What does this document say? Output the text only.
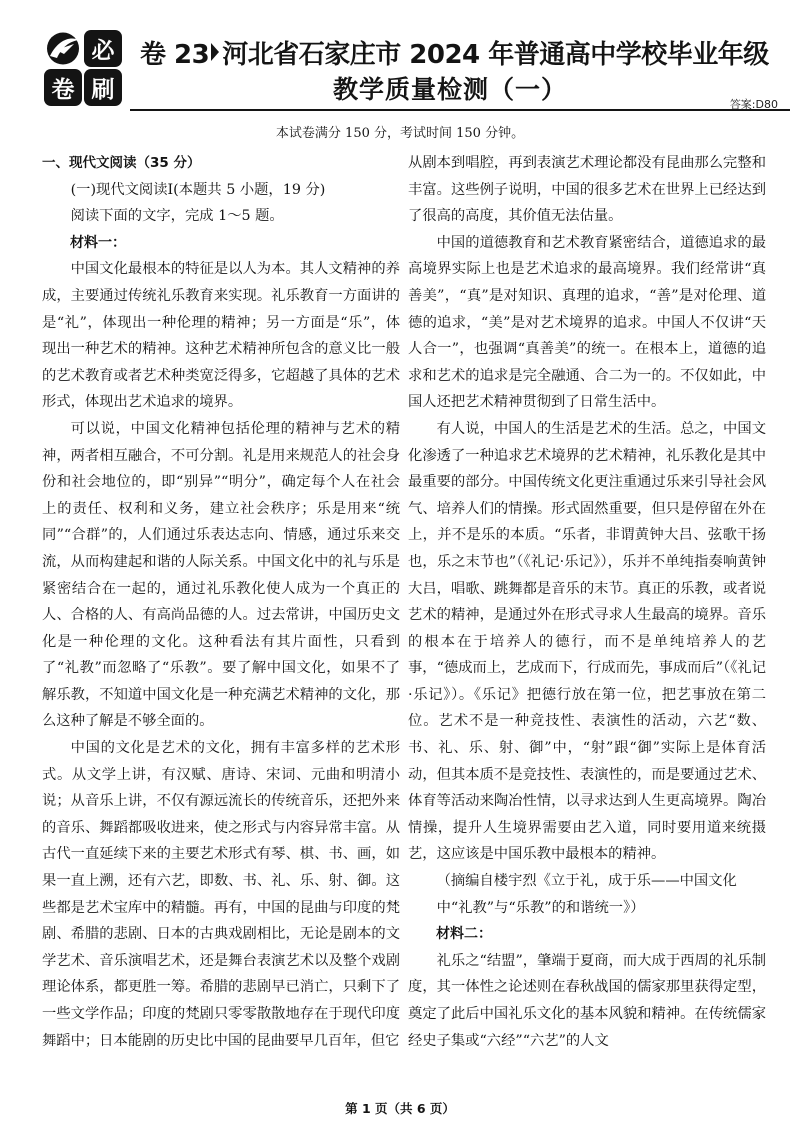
必
卷 刷
卷 23 河北省石家庄市 2024 年普通高中学校毕业年级
教学质量检测（一）
答案:D80
本试卷满分 150 分，考试时间 150 分钟。

一、现代文阅读（35 分）

(一)现代文阅读Ⅰ(本题共 5 小题，19 分)

阅读下面的文字，完成 1～5 题。

材料一：

中国文化最根本的特征是以人为本。其人文精神的养成，主要通过传统礼乐教育来实现。礼乐教育一方面讲的是“礼”，体现出一种伦理的精神；另一方面是“乐”，体现出一种艺术的精神。这种艺术精神所包含的意义比一般的艺术教育或者艺术种类宽泛得多，它超越了具体的艺术形式，体现出艺术追求的境界。

可以说，中国文化精神包括伦理的精神与艺术的精神，两者相互融合，不可分割。礼是用来规范人的社会身份和社会地位的，即“别异”“明分”，确定每个人在社会上的责任、权利和义务，建立社会秩序；乐是用来“统同”“合群”的，人们通过乐表达志向、情感，通过乐来交流，从而构建起和谐的人际关系。中国文化中的礼与乐是紧密结合在一起的，通过礼乐教化使人成为一个真正的人、合格的人、有高尚品德的人。过去常讲，中国历史文化是一种伦理的文化。这种看法有其片面性，只看到了“礼教”而忽略了“乐教”。要了解中国文化，如果不了解乐教，不知道中国文化是一种充满艺术精神的文化，那么这种了解是不够全面的。

中国的文化是艺术的文化，拥有丰富多样的艺术形式。从文学上讲，有汉赋、唐诗、宋词、元曲和明清小说；从音乐上讲，不仅有源远流长的传统音乐，还把外来的音乐、舞蹈都吸收进来，使之形式与内容异常丰富。从古代一直延续下来的主要艺术形式有琴、棋、书、画，如果一直上溯，还有六艺，即数、书、礼、乐、射、御。这些都是艺术宝库中的精髓。再有，中国的昆曲与印度的梵剧、希腊的悲剧、日本的古典戏剧相比，无论是剧本的文学艺术、音乐演唱艺术，还是舞台表演艺术以及整个戏剧理论体系，都更胜一筹。希腊的悲剧早已消亡，只剩下了一些文学作品；印度的梵剧只零零散散地存在于现代印度舞蹈中；日本能剧的历史比中国的昆曲要早几百年，但它

从剧本到唱腔，再到表演艺术理论都没有昆曲那么完整和丰富。这些例子说明，中国的很多艺术在世界上已经达到了很高的高度，其价值无法估量。

中国的道德教育和艺术教育紧密结合，道德追求的最高境界实际上也是艺术追求的最高境界。我们经常讲“真善美”，“真”是对知识、真理的追求，“善”是对伦理、道德的追求，“美”是对艺术境界的追求。中国人不仅讲“天人合一”，也强调“真善美”的统一。在根本上，道德的追求和艺术的追求是完全融通、合二为一的。不仅如此，中国人还把艺术精神贯彻到了日常生活中。

有人说，中国人的生活是艺术的生活。总之，中国文化渗透了一种追求艺术境界的艺术精神，礼乐教化是其中最重要的部分。中国传统文化更注重通过乐来引导社会风气、培养人们的情操。形式固然重要，但只是停留在外在上，并不是乐的本质。“乐者，非谓黄钟大吕、弦歌干扬也，乐之末节也”（《礼记·乐记》），乐并不单纯指奏响黄钟大吕，唱歌、跳舞都是音乐的末节。真正的乐教，或者说艺术的精神，是通过外在形式寻求人生最高的境界。音乐的根本在于培养人的德行，而不是单纯培养人的艺事，“德成而上，艺成而下，行成而先，事成而后”（《礼记·乐记》）。《乐记》把德行放在第一位，把艺事放在第二位。艺术不是一种竞技性、表演性的活动，六艺“数、书、礼、乐、射、御”中，“射”跟“御”实际上是体育活动，但其本质不是竞技性、表演性的，而是要通过艺术、体育等活动来陶冶性情，以寻求达到人生更高境界。陶冶情操，提升人生境界需要由艺入道，同时要用道来统摄艺，这应该是中国乐教中最根本的精神。

（摘编自楼宇烈《立于礼，成于乐——中国文化中“礼教”与“乐教”的和谐统一》）

材料二：

礼乐之“结盟”，肇端于夏商，而大成于西周的礼乐制度，其一体性之论述则在春秋战国的儒家那里获得定型，奠定了此后中国礼乐文化的基本风貌和精神。在传统儒家经史子集或“六经”“六艺”的人文

第 1 页（共 6 页）
